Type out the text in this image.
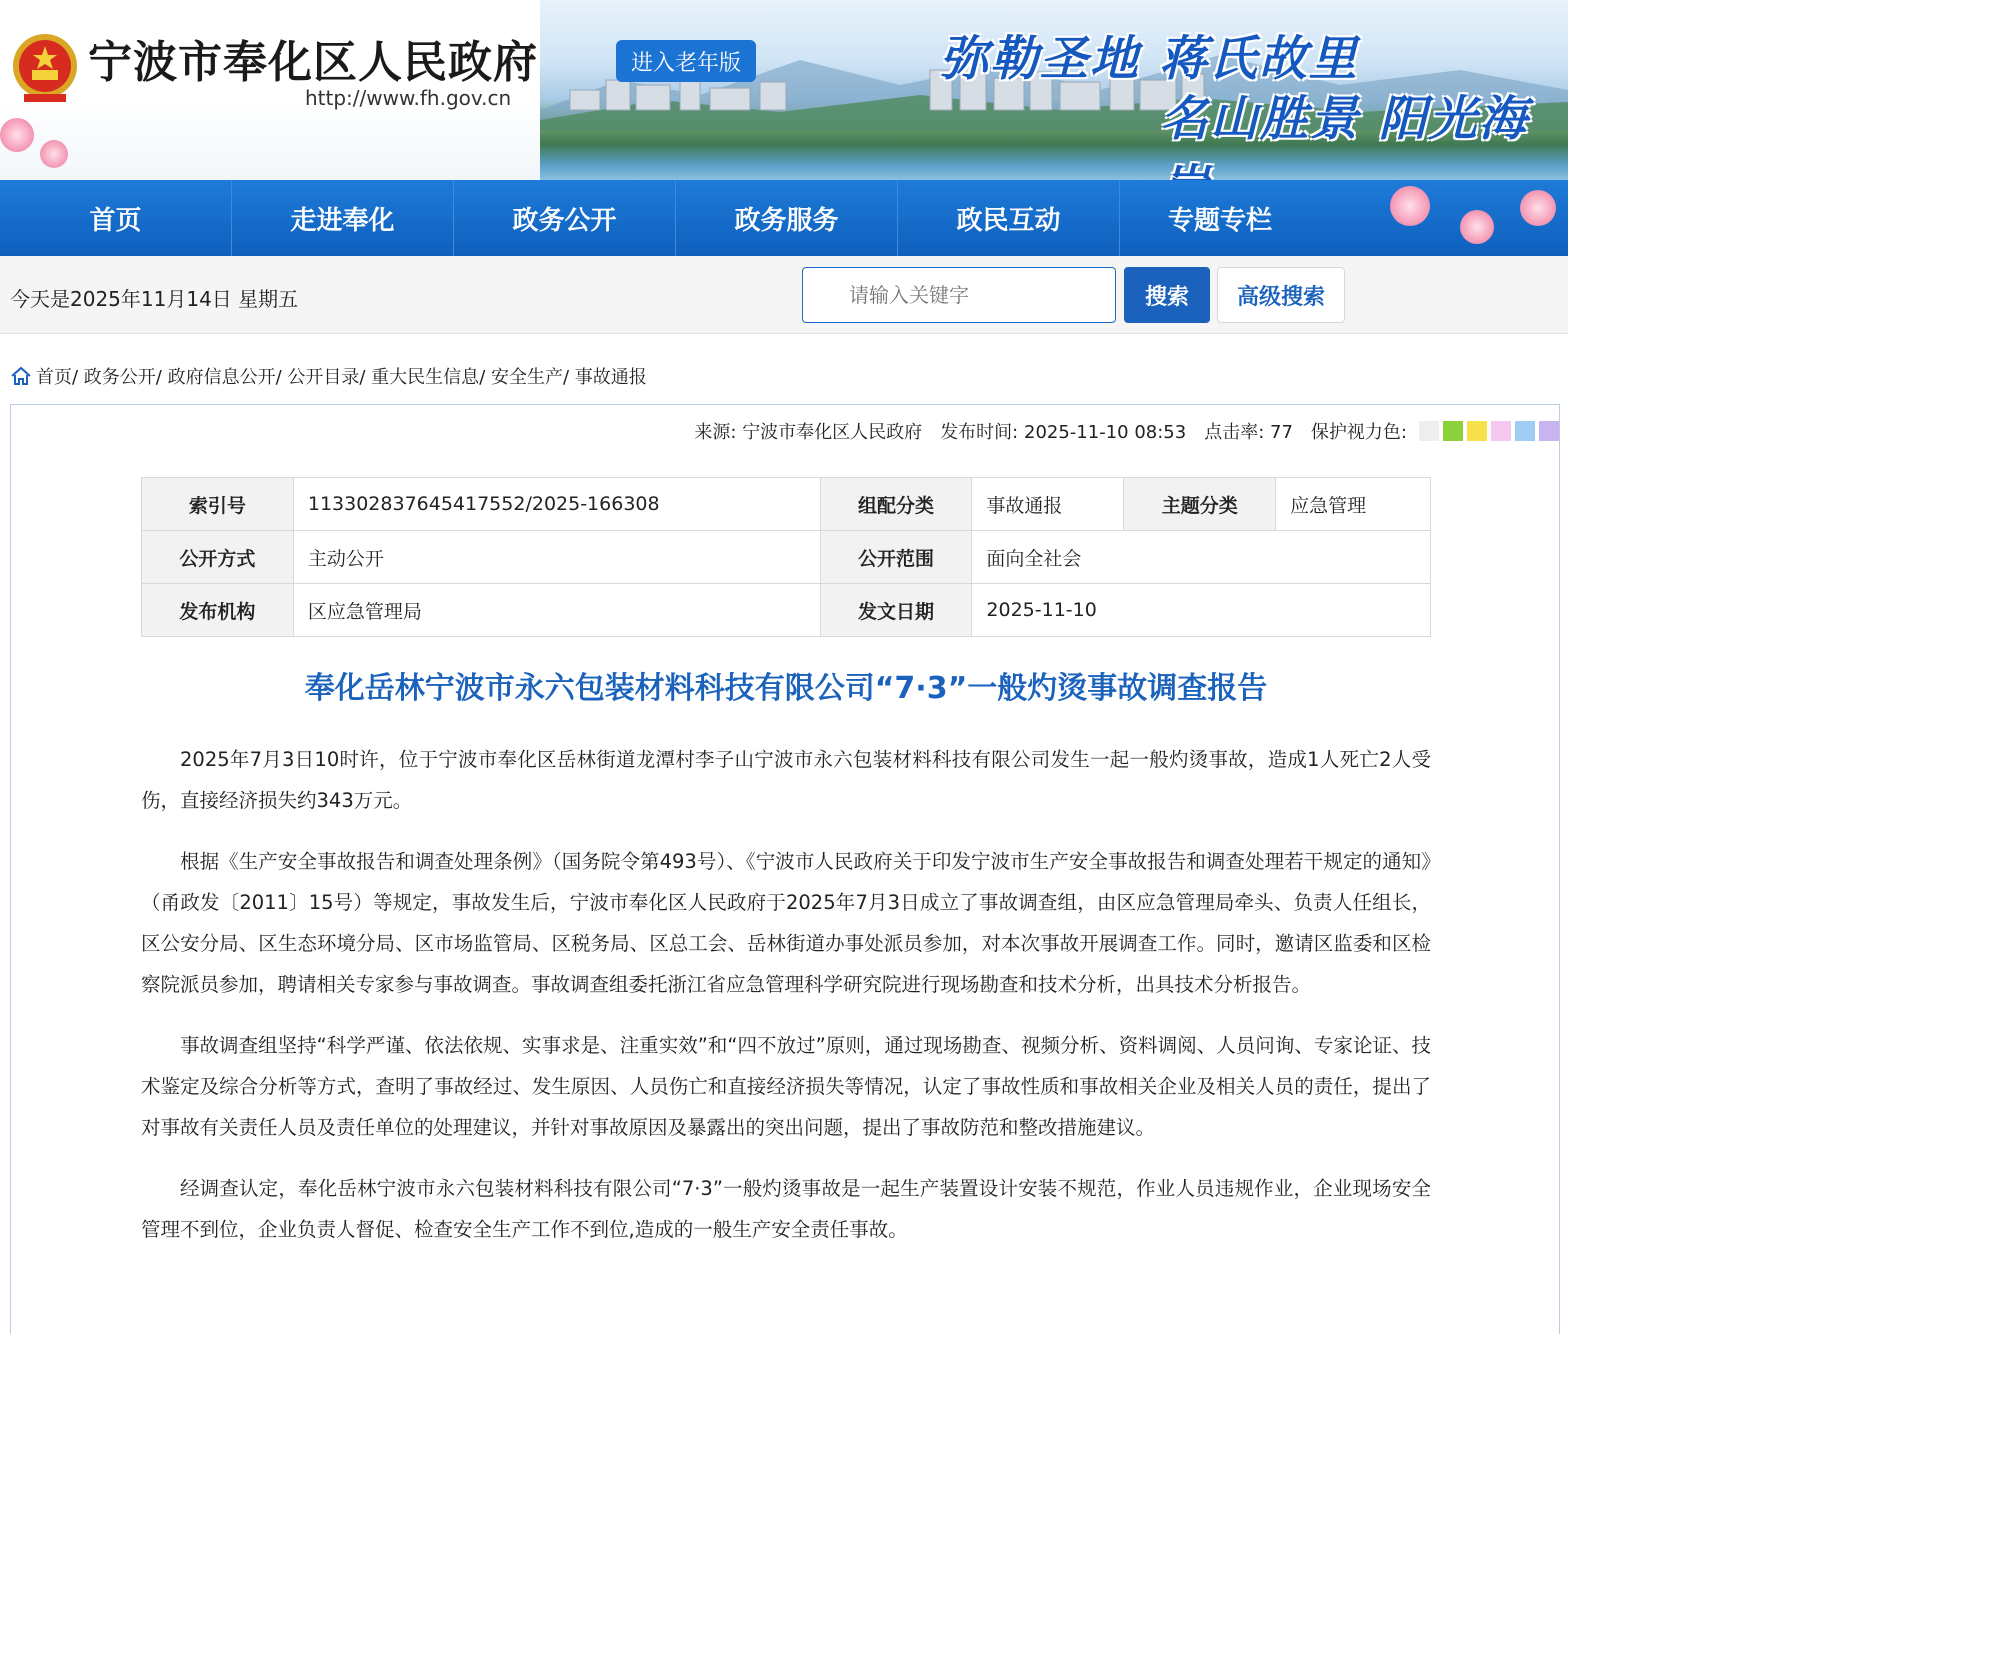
宁波市奉化区人民政府
http://www.fh.gov.cn
进入老年版	弥勒圣地 蒋氏故里
名山胜景 阳光海
首页	走进奉化	政务公开	政务服务	政民互动	专题专栏
今天是2025年11月14日 星期五
请输入关键字	搜索	高级搜索
首页 / 政务公开 / 政府信息公开 / 公开目录 / 重大民生信息 / 安全生产 / 事故通报
来源: 宁波市奉化区人民政府 发布时间: 2025-11-10 08:53 点击率: 77 保护视力色:
索引号	113302837645417552/2025-166308	组配分类	事故通报	主题分类	应急管理
公开方式	主动公开	公开范围	面向全社会		
发布机构	区应急管理局	发文日期	2025-11-10		
奉化岳林宁波市永六包装材料科技有限公司“7·3”一般灼烫事故调查报告

2025年7月3日10时许，位于宁波市奉化区岳林街道龙潭村李子山宁波市永六包装材料科技有限公司发生一起一般灼烫事故，造成1人死亡2人受伤，直接经济损失约343万元。

根据《生产安全事故报告和调查处理条例》（国务院令第493号）、《宁波市人民政府关于印发宁波市生产安全事故报告和调查处理若干规定的通知》（甬政发〔2011〕15号）等规定，事故发生后，宁波市奉化区人民政府于2025年7月3日成立了事故调查组，由区应急管理局牵头、负责人任组长，区公安分局、区生态环境分局、区市场监管局、区税务局、区总工会、岳林街道办事处派员参加，对本次事故开展调查工作。同时，邀请区监委和区检察院派员参加，聘请相关专家参与事故调查。事故调查组委托浙江省应急管理科学研究院进行现场勘查和技术分析，出具技术分析报告。

事故调查组坚持“科学严谨、依法依规、实事求是、注重实效”和“四不放过”原则，通过现场勘查、视频分析、资料调阅、人员问询、专家论证、技术鉴定及综合分析等方式，查明了事故经过、发生原因、人员伤亡和直接经济损失等情况，认定了事故性质和事故相关企业及相关人员的责任，提出了对事故有关责任人员及责任单位的处理建议，并针对事故原因及暴露出的突出问题，提出了事故防范和整改措施建议。

经调查认定，奉化岳林宁波市永六包装材料科技有限公司“7·3”一般灼烫事故是一起生产装置设计安装不规范，作业人员违规作业，企业现场安全管理不到位，企业负责人督促、检查安全生产工作不到位,造成的一般生产安全责任事故。
